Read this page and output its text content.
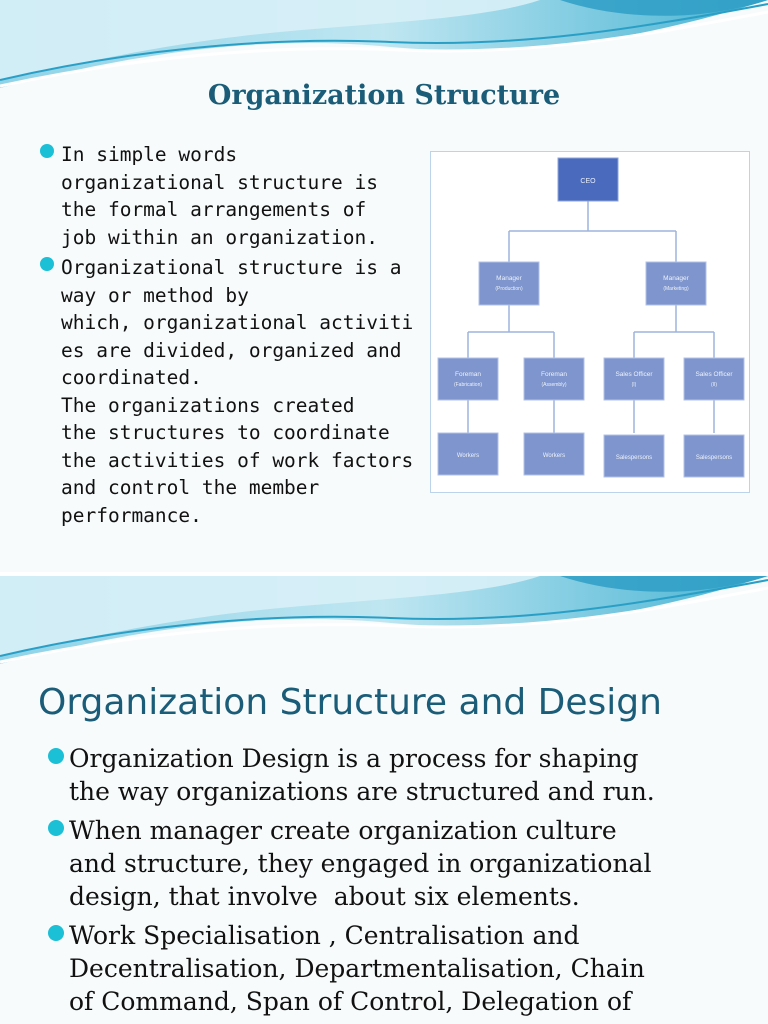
Organization Structure
In simple words
organizational structure is
the formal arrangements of
job within an organization.
Organizational structure is a
way or method by
which, organizational activiti
es are divided, organized and
coordinated.
The organizations created
the structures to coordinate
the activities of work factors
and control the member
performance.
CEO
Manager
(Production)
Manager
(Marketing)
Foreman
(Fabrication)
Foreman
(Assembly)
Sales Officer
(I)
Sales Officer
(II)
Workers	Workers	Salespersons	Salespersons
Organization Structure and Design
Organization Design is a process for shaping
the way organizations are structured and run.
When manager create organization culture
and structure, they engaged in organizational
design, that involve  about six elements.
Work Specialisation , Centralisation and
Decentralisation, Departmentalisation, Chain
of Command, Span of Control, Delegation of
